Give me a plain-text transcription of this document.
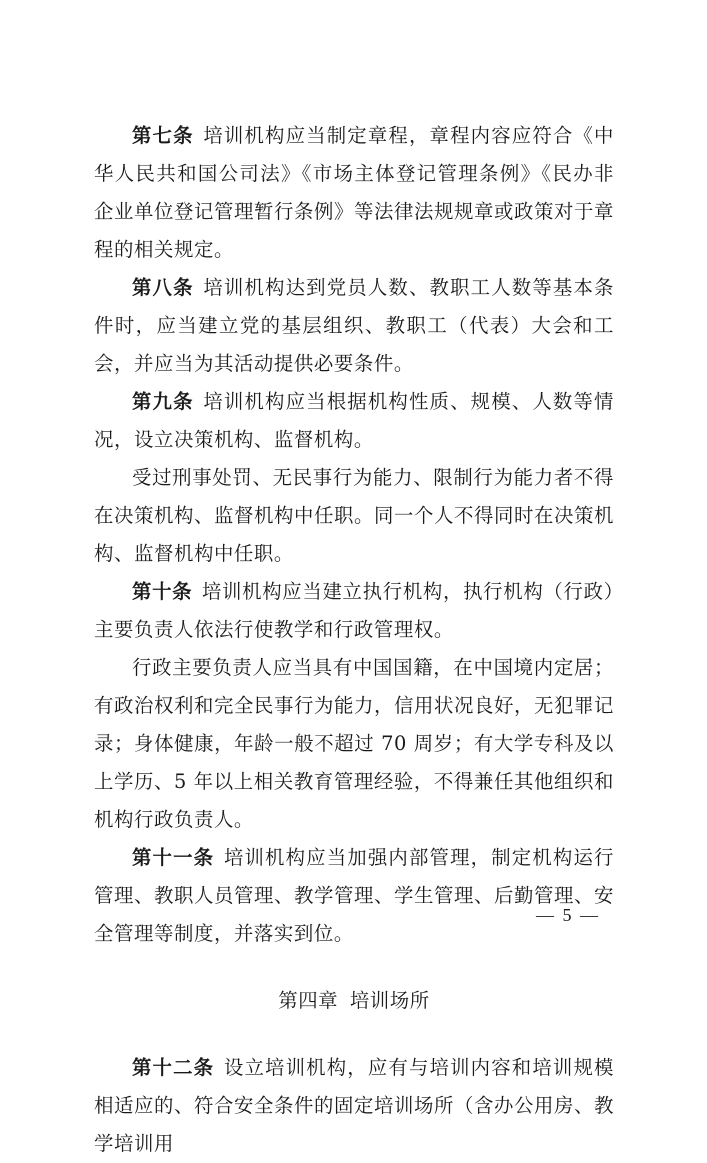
第七条 培训机构应当制定章程，章程内容应符合《中华人民共和国公司法》《市场主体登记管理条例》《民办非企业单位登记管理暂行条例》等法律法规规章或政策对于章程的相关规定。

第八条 培训机构达到党员人数、教职工人数等基本条件时，应当建立党的基层组织、教职工（代表）大会和工会，并应当为其活动提供必要条件。

第九条 培训机构应当根据机构性质、规模、人数等情况，设立决策机构、监督机构。

受过刑事处罚、无民事行为能力、限制行为能力者不得在决策机构、监督机构中任职。同一个人不得同时在决策机构、监督机构中任职。

第十条 培训机构应当建立执行机构，执行机构（行政）主要负责人依法行使教学和行政管理权。

行政主要负责人应当具有中国国籍，在中国境内定居；有政治权利和完全民事行为能力，信用状况良好，无犯罪记录；身体健康，年龄一般不超过 70 周岁；有大学专科及以上学历、5 年以上相关教育管理经验，不得兼任其他组织和机构行政负责人。

第十一条 培训机构应当加强内部管理，制定机构运行管理、教职人员管理、教学管理、学生管理、后勤管理、安全管理等制度，并落实到位。

第四章 培训场所

第十二条 设立培训机构，应有与培训内容和培训规模相适应的、符合安全条件的固定培训场所（含办公用房、教学培训用

— 5 —
